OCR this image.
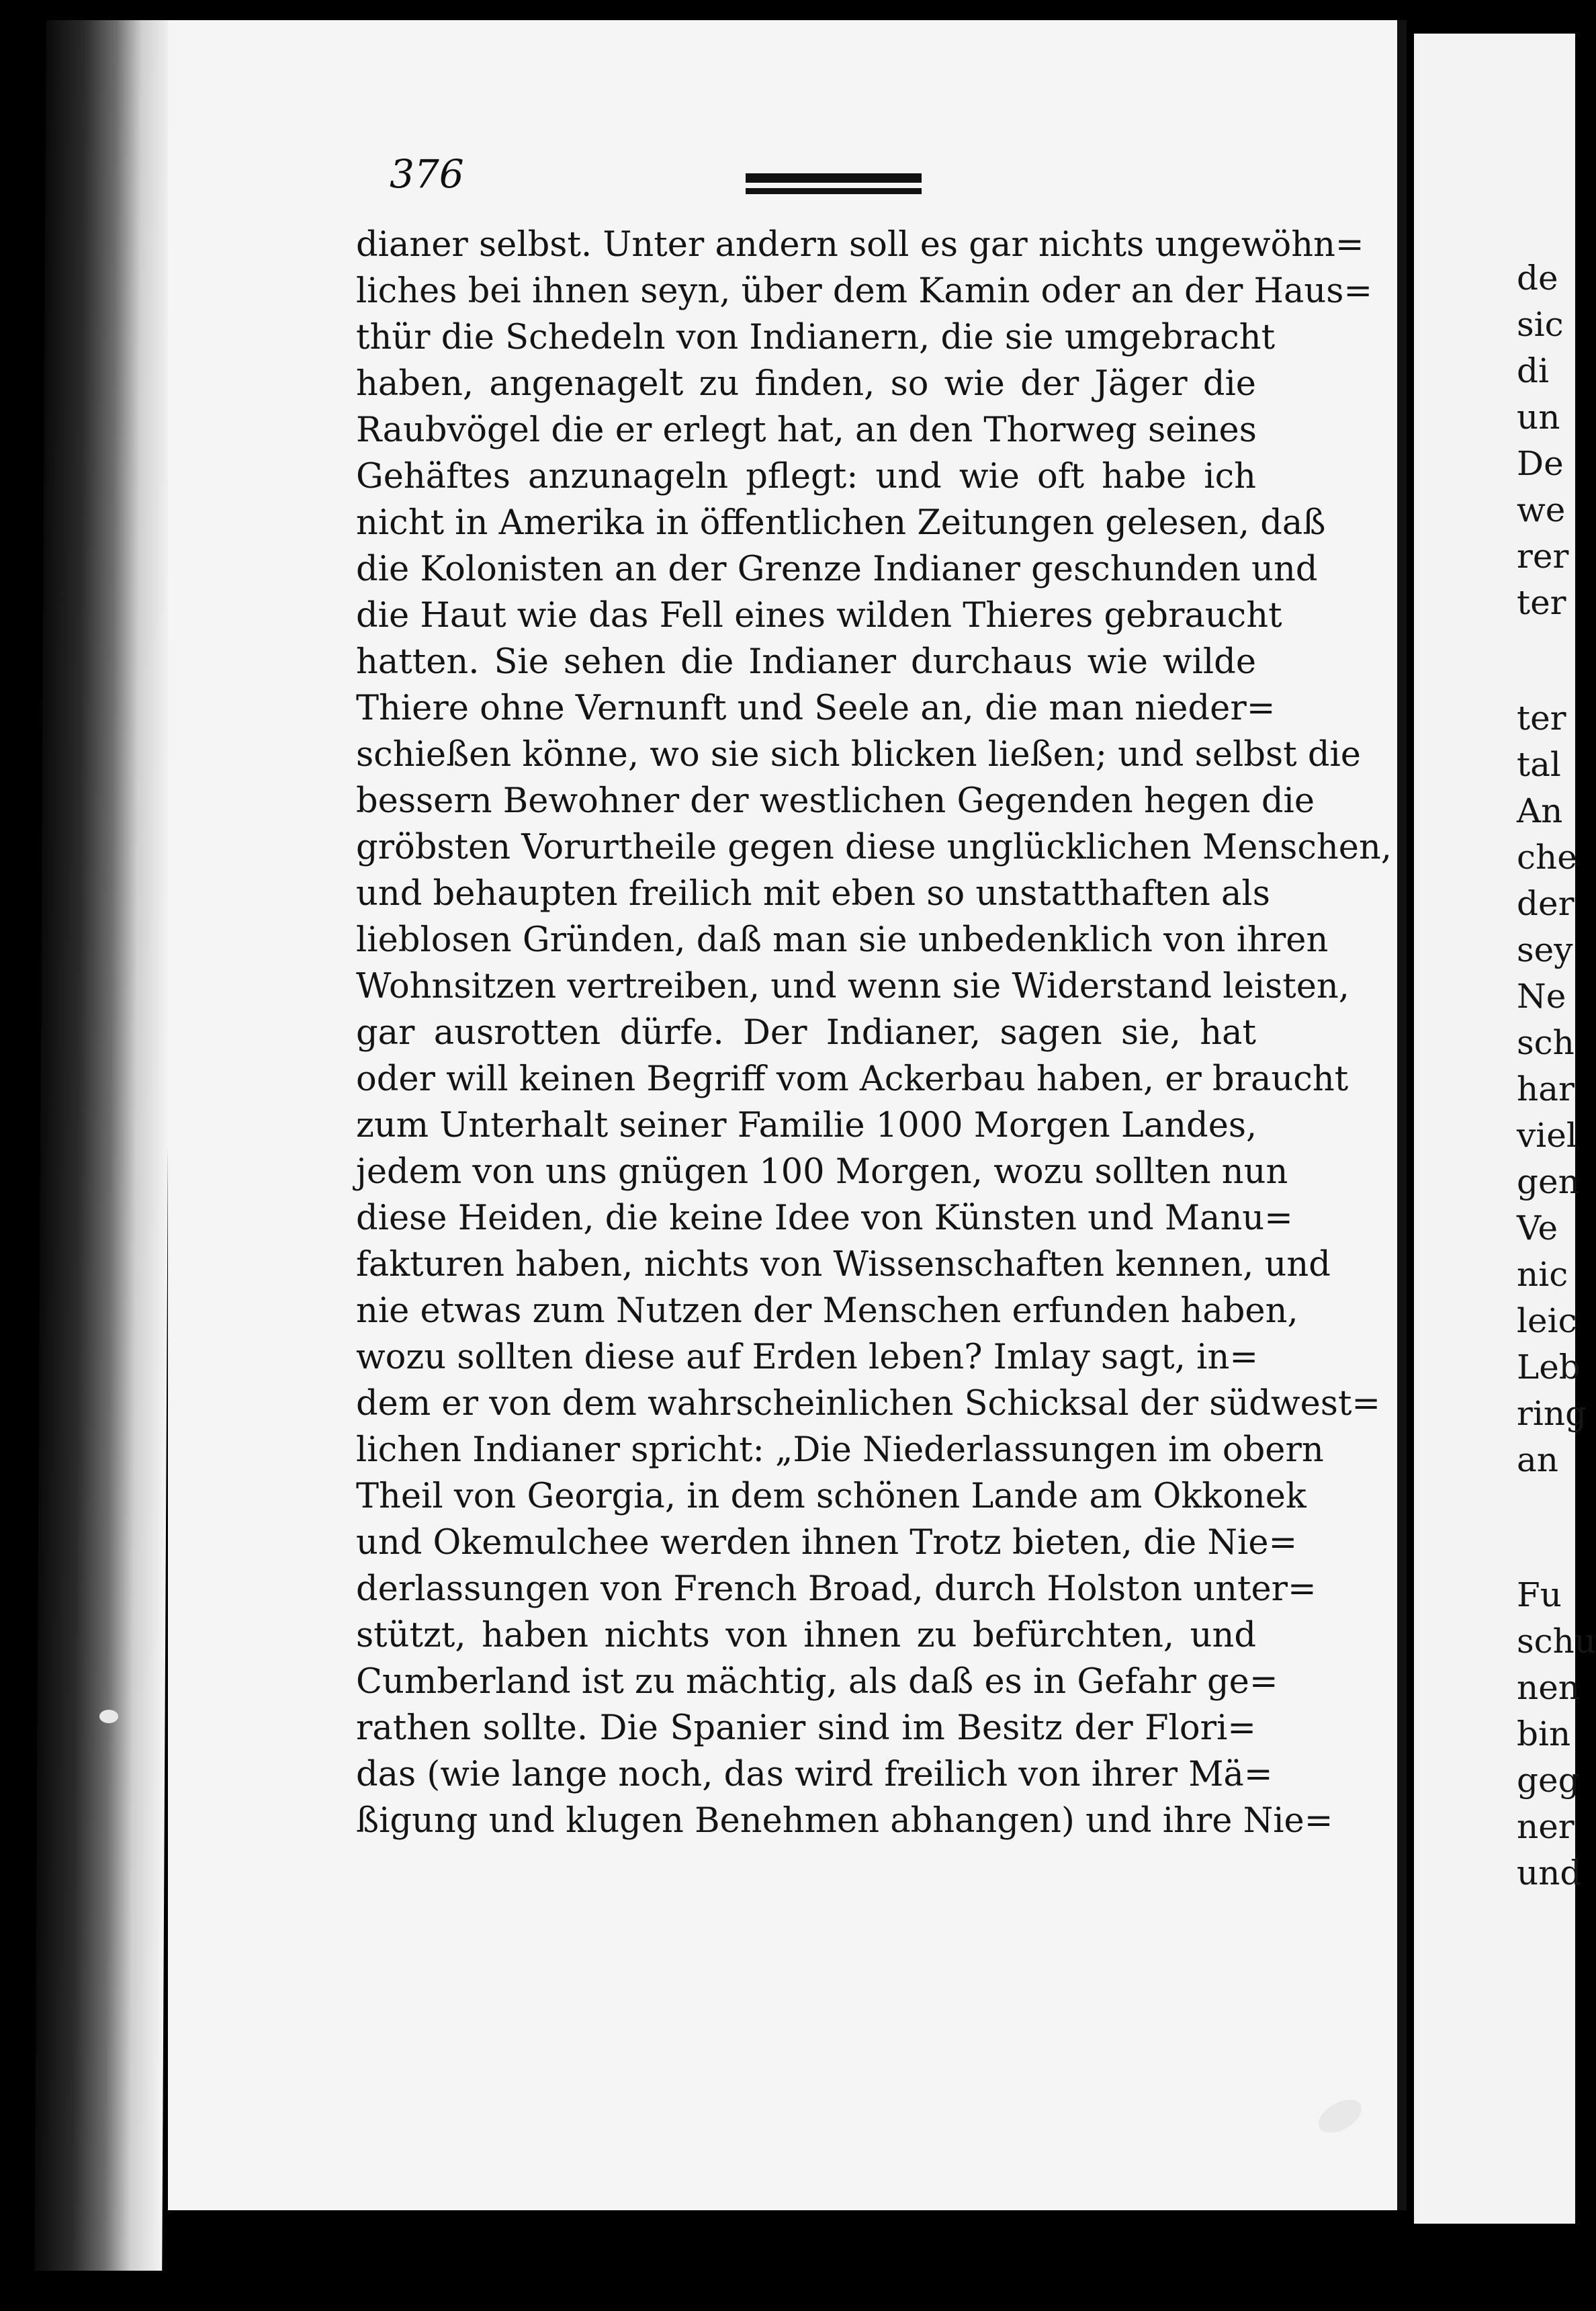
376
dianer selbst. Unter andern soll es gar nichts ungewöhn=
liches bei ihnen seyn, über dem Kamin oder an der Haus=
thür die Schedeln von Indianern, die sie umgebracht
haben, angenagelt zu finden, so wie der Jäger die
Raubvögel die er erlegt hat, an den Thorweg seines
Gehäftes anzunageln pflegt: und wie oft habe ich
nicht in Amerika in öffentlichen Zeitungen gelesen, daß
die Kolonisten an der Grenze Indianer geschunden und
die Haut wie das Fell eines wilden Thieres gebraucht
hatten. Sie sehen die Indianer durchaus wie wilde
Thiere ohne Vernunft und Seele an, die man nieder=
schießen könne, wo sie sich blicken ließen; und selbst die
bessern Bewohner der westlichen Gegenden hegen die
gröbsten Vorurtheile gegen diese unglücklichen Menschen,
und behaupten freilich mit eben so unstatthaften als
lieblosen Gründen, daß man sie unbedenklich von ihren
Wohnsitzen vertreiben, und wenn sie Widerstand leisten,
gar ausrotten dürfe. Der Indianer, sagen sie, hat
oder will keinen Begriff vom Ackerbau haben, er braucht
zum Unterhalt seiner Familie 1000 Morgen Landes,
jedem von uns gnügen 100 Morgen, wozu sollten nun
diese Heiden, die keine Idee von Künsten und Manu=
fakturen haben, nichts von Wissenschaften kennen, und
nie etwas zum Nutzen der Menschen erfunden haben,
wozu sollten diese auf Erden leben? Imlay sagt, in=
dem er von dem wahrscheinlichen Schicksal der südwest=
lichen Indianer spricht: „Die Niederlassungen im obern
Theil von Georgia, in dem schönen Lande am Okkonek
und Okemulchee werden ihnen Trotz bieten, die Nie=
derlassungen von French Broad, durch Holston unter=
stützt, haben nichts von ihnen zu befürchten, und
Cumberland ist zu mächtig, als daß es in Gefahr ge=
rathen sollte. Die Spanier sind im Besitz der Flori=
das (wie lange noch, das wird freilich von ihrer Mä=
ßigung und klugen Benehmen abhangen) und ihre Nie=
de
sic
di
un
De
we
rer
ter
ter
tal
An
che
der
sey
Ne
sch
har
viel
gen
Ve
nic
leic
Leb
ring
an
Fu
schu
nen
bin
geg
ner
und
